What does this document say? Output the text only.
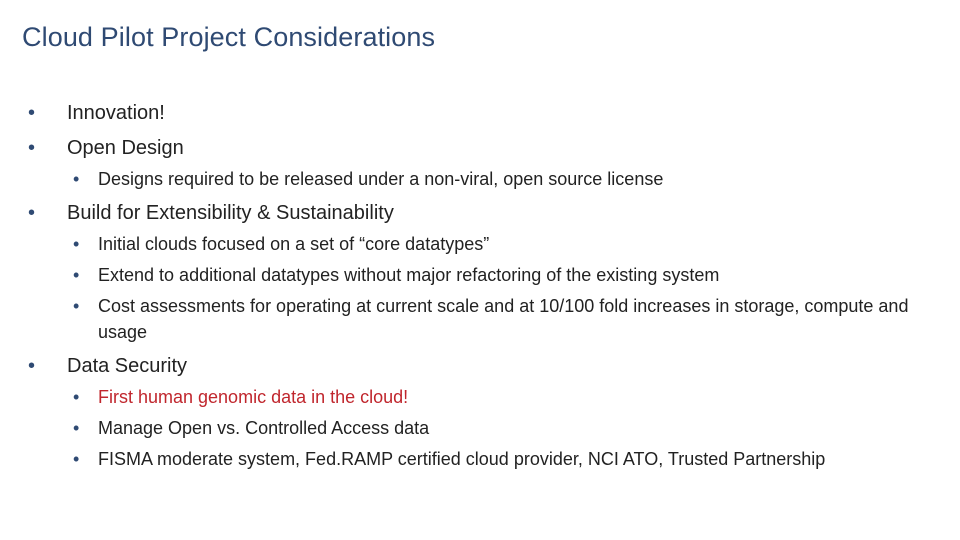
Cloud Pilot Project Considerations
• Innovation!
• Open Design
• Designs required to be released under a non-viral, open source license
• Build for Extensibility & Sustainability
• Initial clouds focused on a set of “core datatypes”
• Extend to additional datatypes without major refactoring of the existing system
• Cost assessments for operating at current scale and at 10/100 fold increases in storage, compute and usage
• Data Security
• First human genomic data in the cloud!
• Manage Open vs. Controlled Access data
• FISMA moderate system, Fed.RAMP certified cloud provider, NCI ATO, Trusted Partnership
